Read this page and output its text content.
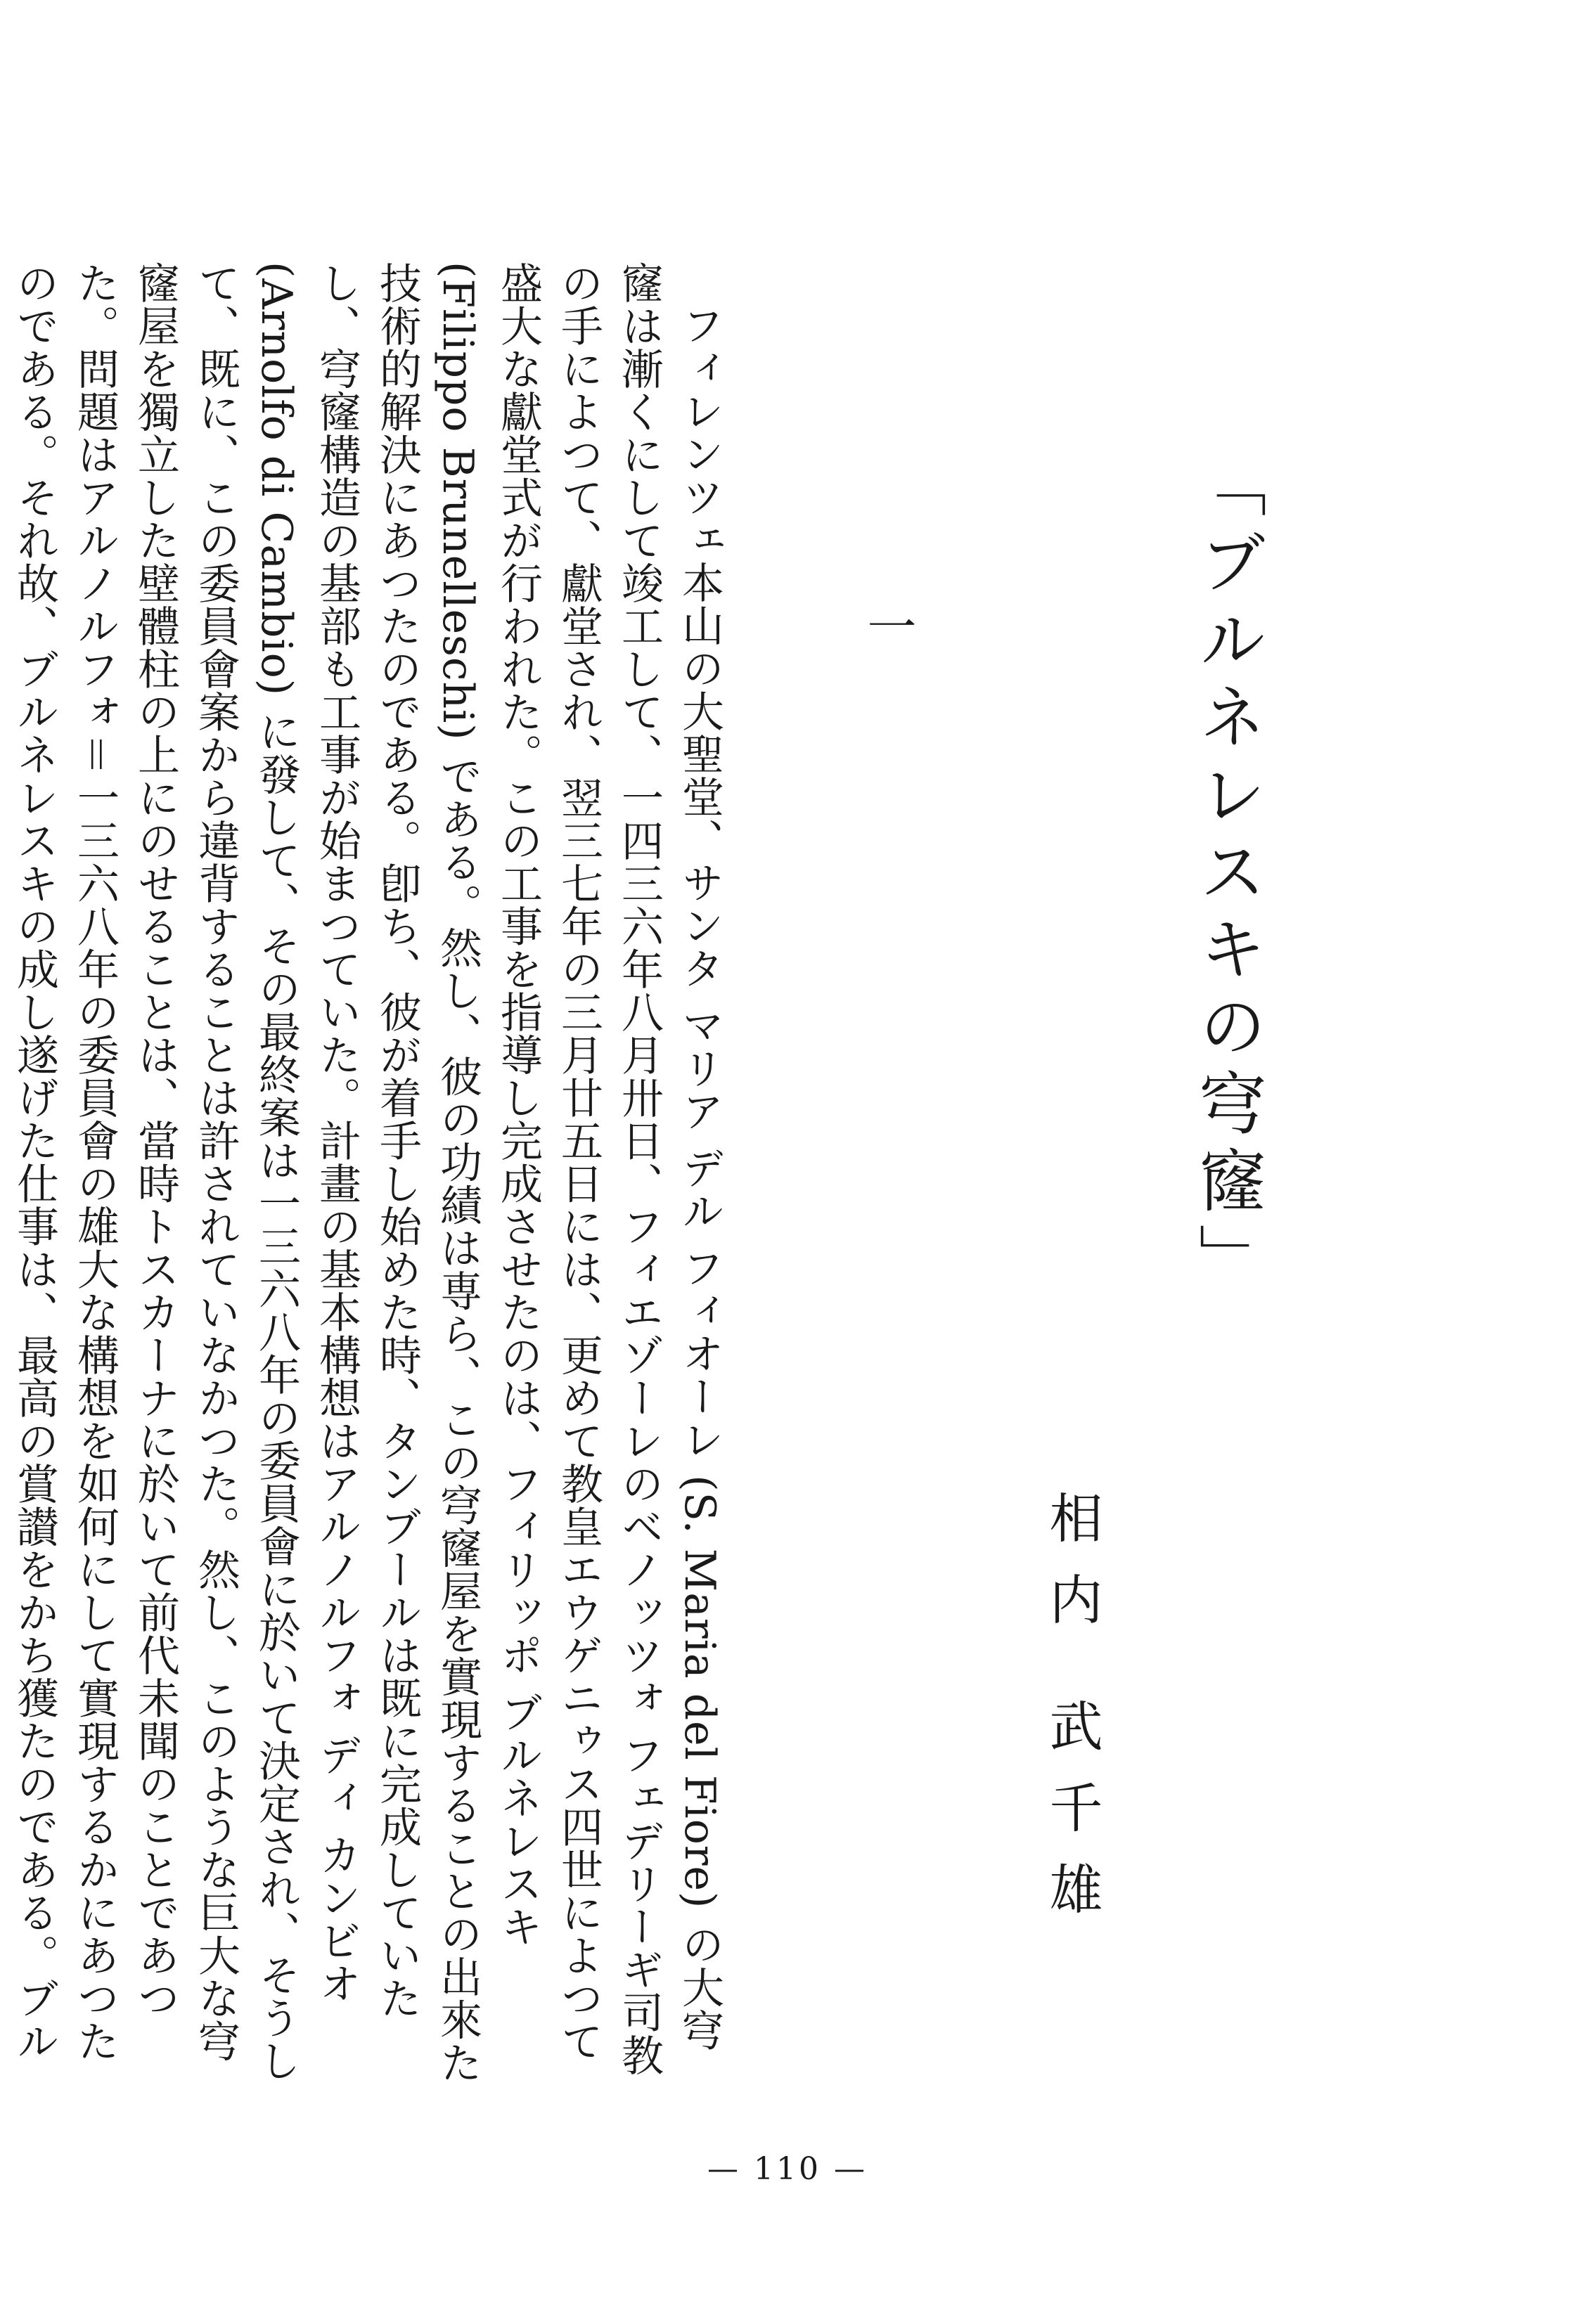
「ブルネレスキの穹窿」
相内 武千雄
一

フィレンツェ本山の大聖堂、サンタ マリア デル フィオーレ (S. Maria del Fiore) の大穹窿は漸くにして竣工して、一四三六年八月卅日、フィエゾーレのベノッツォ フェデリーギ司教の手によつて、獻堂され、翌三七年の三月廿五日には、更めて教皇エウゲニゥス四世によつて盛大な獻堂式が行われた。この工事を指導し完成させたのは、フィリッポ ブルネレスキ (Filippo Brunelleschi) である。然し、彼の功績は専ら、この穹窿屋を實現することの出來た技術的解決にあつたのである。卽ち、彼が着手し始めた時、タンブールは既に完成していたし、穹窿構造の基部も工事が始まつていた。計畫の基本構想はアルノルフォ ディ カンビオ (Arnolfo di Cambio) に發して、その最終案は一三六八年の委員會に於いて決定され、そうして、既に、この委員會案から違背することは許されていなかつた。然し、このような巨大な穹窿屋を獨立した壁體柱の上にのせることは、當時トスカーナに於いて前代未聞のことであつた。問題はアルノルフォ＝一三六八年の委員會の雄大な構想を如何にして實現するかにあつたのである。それ故、ブルネレスキの成し遂げた仕事は、最高の賞讃をかち獲たのである。ブル

— 110 —
